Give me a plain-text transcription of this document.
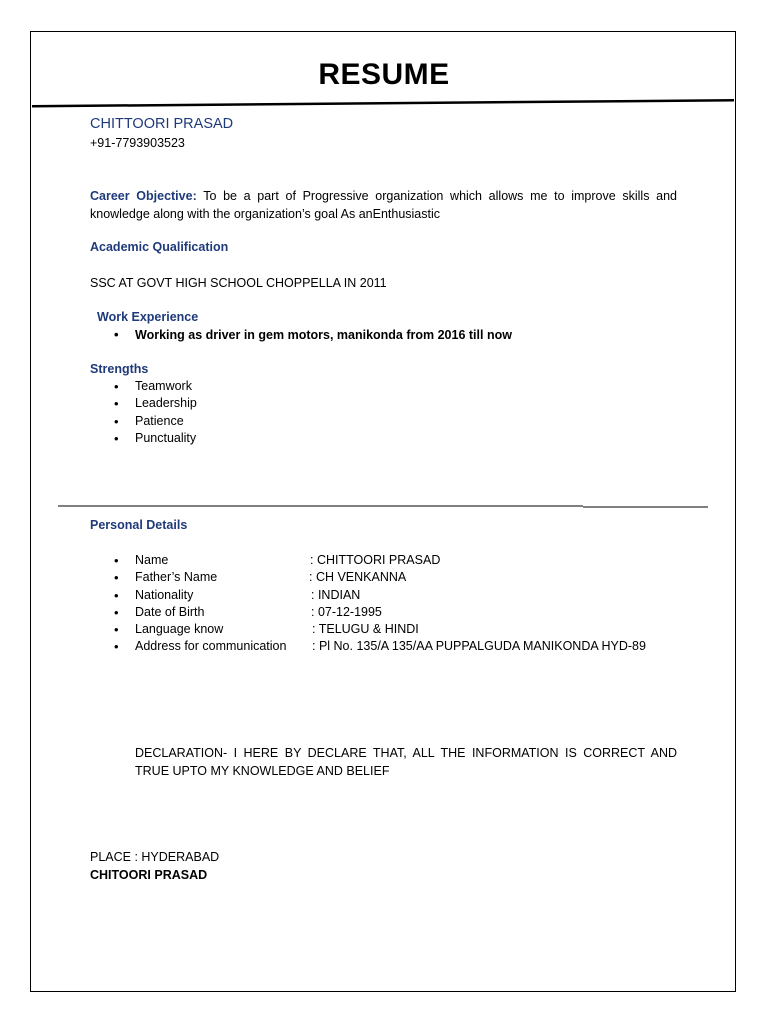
RESUME
CHITTOORI PRASAD
+91-7793903523
Career Objective: To be a part of Progressive organization which allows me to improve skills and knowledge along with the organization’s goal As anEnthusiastic
Academic Qualification
SSC AT GOVT HIGH SCHOOL CHOPPELLA IN 2011
Work Experience
• Working as driver in gem motors, manikonda from 2016 till now
Strengths
• Teamwork
• Leadership
• Patience
• Punctuality
Personal Details
• Name	: CHITTOORI PRASAD
• Father’s Name	: CH VENKANNA
• Nationality	: INDIAN
• Date of Birth	: 07-12-1995
• Language know	: TELUGU & HINDI
• Address for communication : Pl No. 135/A 135/AA PUPPALGUDA MANIKONDA HYD-89
DECLARATION- I HERE BY DECLARE THAT, ALL THE INFORMATION IS CORRECT AND TRUE UPTO MY KNOWLEDGE AND BELIEF
PLACE : HYDERABAD
CHITOORI PRASAD
